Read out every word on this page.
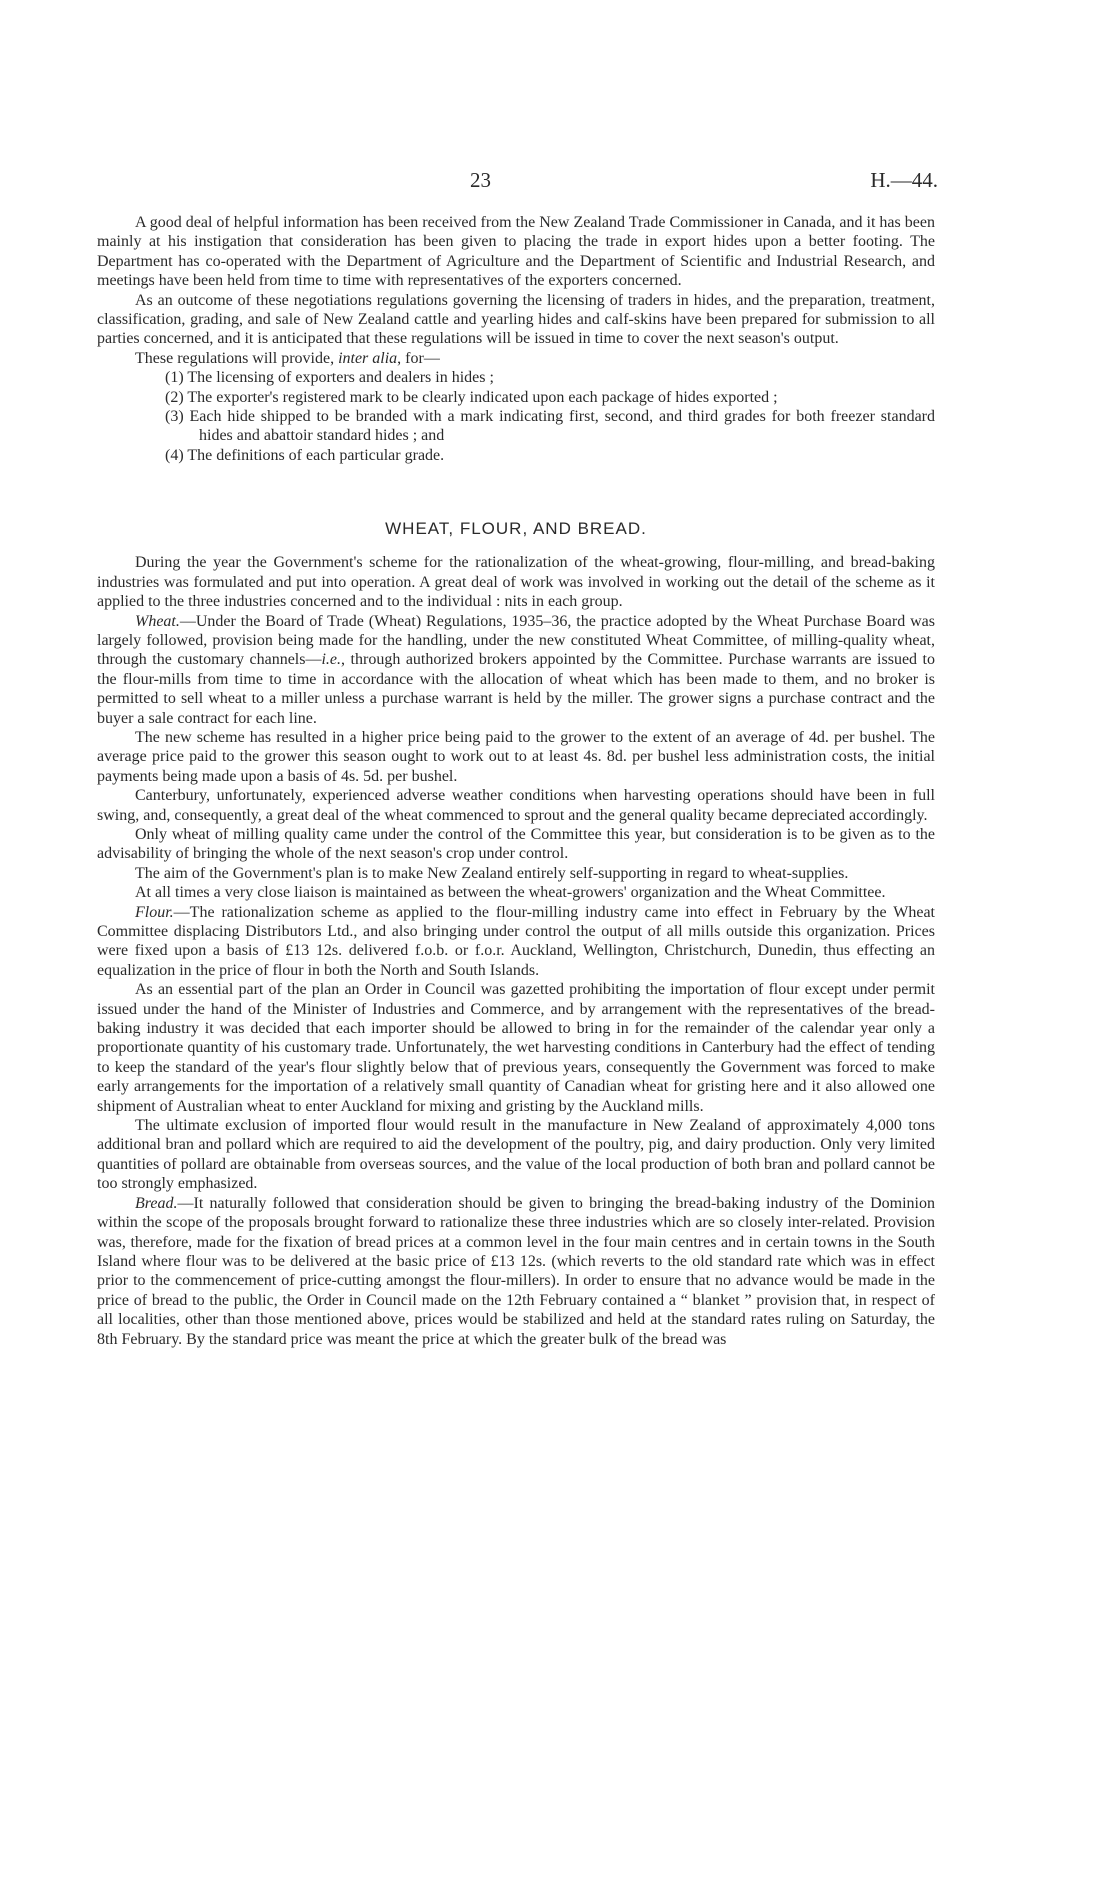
23	H.—44.

A good deal of helpful information has been received from the New Zealand Trade Commissioner in Canada, and it has been mainly at his instigation that consideration has been given to placing the trade in export hides upon a better footing. The Department has co-operated with the Department of Agriculture and the Department of Scientific and Industrial Research, and meetings have been held from time to time with representatives of the exporters concerned.

As an outcome of these negotiations regulations governing the licensing of traders in hides, and the preparation, treatment, classification, grading, and sale of New Zealand cattle and yearling hides and calf-skins have been prepared for submission to all parties concerned, and it is anticipated that these regulations will be issued in time to cover the next season's output.

These regulations will provide, inter alia, for—

(1) The licensing of exporters and dealers in hides ;
(2) The exporter's registered mark to be clearly indicated upon each package of hides exported ;
(3) Each hide shipped to be branded with a mark indicating first, second, and third grades for both freezer standard hides and abattoir standard hides ; and
(4) The definitions of each particular grade.
WHEAT, FLOUR, AND BREAD.

During the year the Government's scheme for the rationalization of the wheat-growing, flour-milling, and bread-baking industries was formulated and put into operation. A great deal of work was involved in working out the detail of the scheme as it applied to the three industries concerned and to the individual : nits in each group.

Wheat.—Under the Board of Trade (Wheat) Regulations, 1935–36, the practice adopted by the Wheat Purchase Board was largely followed, provision being made for the handling, under the new constituted Wheat Committee, of milling-quality wheat, through the customary channels—i.e., through authorized brokers appointed by the Committee. Purchase warrants are issued to the flour-mills from time to time in accordance with the allocation of wheat which has been made to them, and no broker is permitted to sell wheat to a miller unless a purchase warrant is held by the miller. The grower signs a purchase contract and the buyer a sale contract for each line.

The new scheme has resulted in a higher price being paid to the grower to the extent of an average of 4d. per bushel. The average price paid to the grower this season ought to work out to at least 4s. 8d. per bushel less administration costs, the initial payments being made upon a basis of 4s. 5d. per bushel.

Canterbury, unfortunately, experienced adverse weather conditions when harvesting operations should have been in full swing, and, consequently, a great deal of the wheat commenced to sprout and the general quality became depreciated accordingly.

Only wheat of milling quality came under the control of the Committee this year, but consideration is to be given as to the advisability of bringing the whole of the next season's crop under control.

The aim of the Government's plan is to make New Zealand entirely self-supporting in regard to wheat-supplies.

At all times a very close liaison is maintained as between the wheat-growers' organization and the Wheat Committee.

Flour.—The rationalization scheme as applied to the flour-milling industry came into effect in February by the Wheat Committee displacing Distributors Ltd., and also bringing under control the output of all mills outside this organization. Prices were fixed upon a basis of £13 12s. delivered f.o.b. or f.o.r. Auckland, Wellington, Christchurch, Dunedin, thus effecting an equalization in the price of flour in both the North and South Islands.

As an essential part of the plan an Order in Council was gazetted prohibiting the importation of flour except under permit issued under the hand of the Minister of Industries and Commerce, and by arrangement with the representatives of the bread-baking industry it was decided that each importer should be allowed to bring in for the remainder of the calendar year only a proportionate quantity of his customary trade. Unfortunately, the wet harvesting conditions in Canterbury had the effect of tending to keep the standard of the year's flour slightly below that of previous years, consequently the Government was forced to make early arrangements for the importation of a relatively small quantity of Canadian wheat for gristing here and it also allowed one shipment of Australian wheat to enter Auckland for mixing and gristing by the Auckland mills.

The ultimate exclusion of imported flour would result in the manufacture in New Zealand of approximately 4,000 tons additional bran and pollard which are required to aid the development of the poultry, pig, and dairy production. Only very limited quantities of pollard are obtainable from overseas sources, and the value of the local production of both bran and pollard cannot be too strongly emphasized.

Bread.—It naturally followed that consideration should be given to bringing the bread-baking industry of the Dominion within the scope of the proposals brought forward to rationalize these three industries which are so closely inter-related. Provision was, therefore, made for the fixation of bread prices at a common level in the four main centres and in certain towns in the South Island where flour was to be delivered at the basic price of £13 12s. (which reverts to the old standard rate which was in effect prior to the commencement of price-cutting amongst the flour-millers). In order to ensure that no advance would be made in the price of bread to the public, the Order in Council made on the 12th February contained a “ blanket ” provision that, in respect of all localities, other than those mentioned above, prices would be stabilized and held at the standard rates ruling on Saturday, the 8th February. By the standard price was meant the price at which the greater bulk of the bread was
